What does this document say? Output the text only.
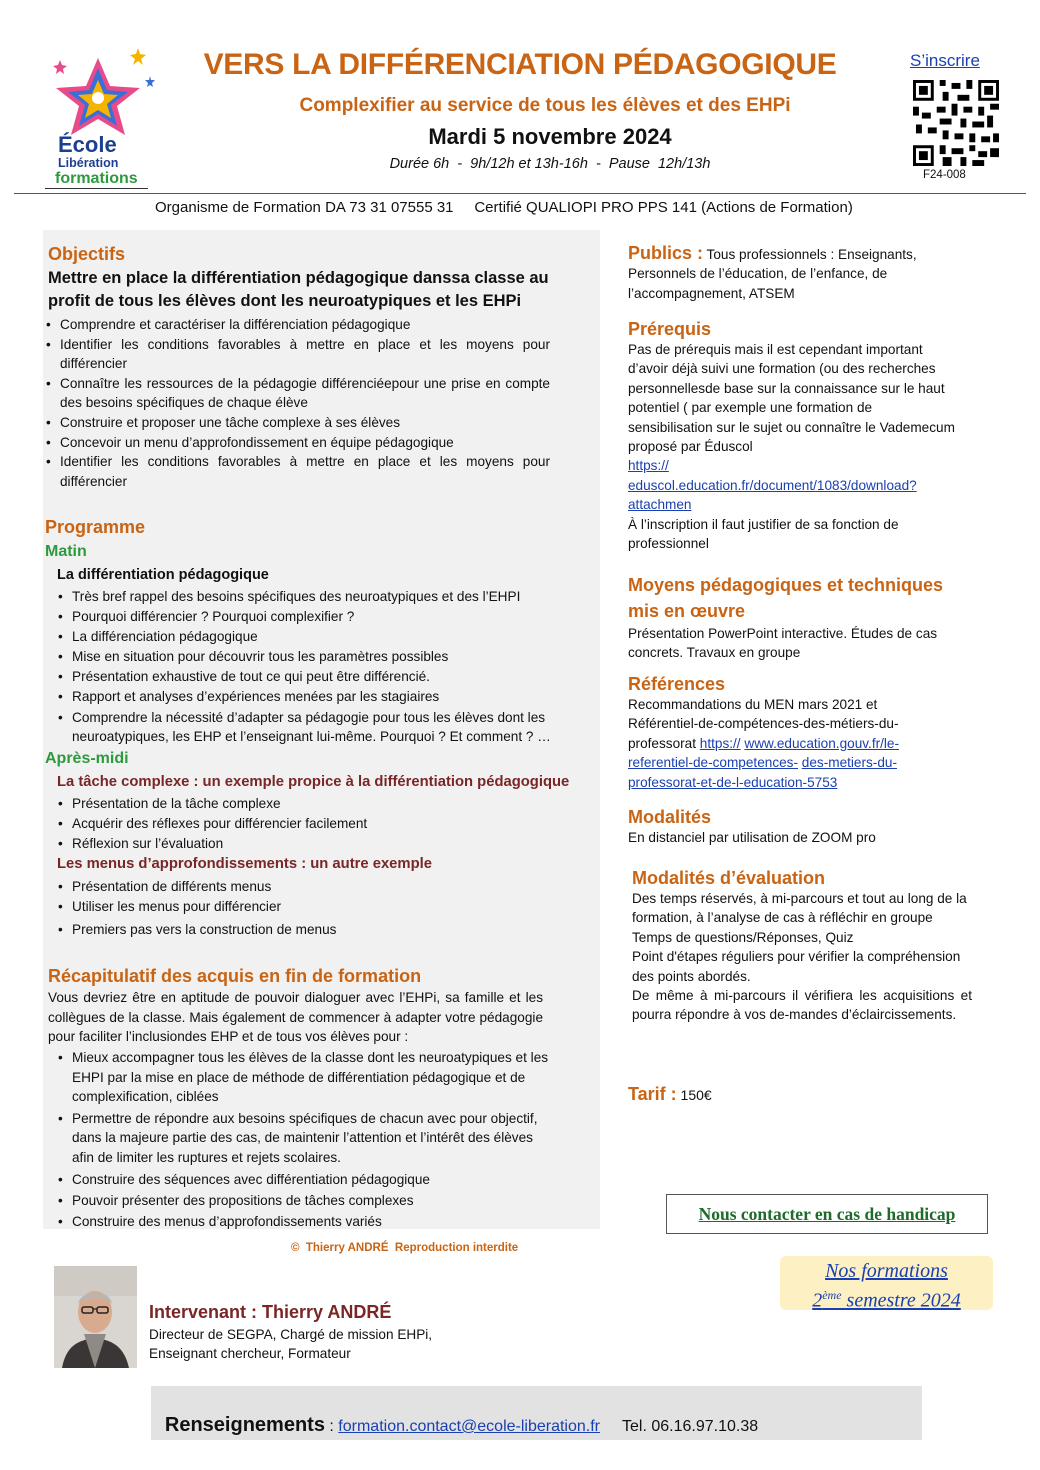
École
Libération
formations
VERS LA DIFFÉRENCIATION PÉDAGOGIQUE
Complexifier au service de tous les élèves et des EHPi
Mardi 5 novembre 2024
Durée 6h  -  9h/12h et 13h-16h  -  Pause  12h/13h
S’inscrire
F24-008
Organisme de Formation DA 73 31 07555 31     Certifié QUALIOPI PRO PPS 141 (Actions de Formation)
Objectifs
Mettre en place la différentiation pédagogique danssa classe au profit de tous les élèves dont les neuroatypiques et les EHPi
• Comprendre et caractériser la différenciation pédagogique
• Identifier les conditions favorables à mettre en place et les moyens pour différencier
• Connaître les ressources de la pédagogie différenciéepour une prise en compte des besoins spécifiques de chaque élève
• Construire et proposer une tâche complexe à ses élèves
• Concevoir un menu d’approfondissement en équipe pédagogique
• Identifier les conditions favorables à mettre en place et les moyens pour différencier
Programme
Matin
La différentiation pédagogique
• Très bref rappel des besoins spécifiques des neuroatypiques et des l’EHPI
• Pourquoi différencier ? Pourquoi complexifier ?
• La différenciation pédagogique
• Mise en situation pour découvrir tous les paramètres possibles
• Présentation exhaustive de tout ce qui peut être différencié.
• Rapport et analyses d’expériences menées par les stagiaires
• Comprendre la nécessité d’adapter sa pédagogie pour tous les élèves dont les neuroatypiques, les EHP et l’enseignant lui-même. Pourquoi ? Et comment ? …
Après-midi
La tâche complexe : un exemple propice à la différentiation pédagogique
• Présentation de la tâche complexe
• Acquérir des réflexes pour différencier facilement
• Réflexion sur l’évaluation
Les menus d’approfondissements : un autre exemple
• Présentation de différents menus
• Utiliser les menus pour différencier
• Premiers pas vers la construction de menus
Récapitulatif des acquis en fin de formation
Vous devriez être en aptitude de pouvoir dialoguer avec l’EHPi, sa famille et les collègues de la classe. Mais également de commencer à adapter votre pédagogie pour faciliter l’inclusiondes EHP et de tous vos élèves pour :
• Mieux accompagner tous les élèves de la classe dont les neuroatypiques et les EHPI par la mise en place de méthode de différentiation pédagogique et de complexification, ciblées
• Permettre de répondre aux besoins spécifiques de chacun avec pour objectif, dans la majeure partie des cas, de maintenir l’attention et l’intérêt des élèves afin de limiter les ruptures et rejets scolaires.
• Construire des séquences avec différentiation pédagogique
• Pouvoir présenter des propositions de tâches complexes
• Construire des menus d’approfondissements variés
©  Thierry ANDRÉ  Reproduction interdite
Publics : Tous professionnels : Enseignants, Personnels de l’éducation, de l’enfance, de l’accompagnement, ATSEM
Prérequis
Pas de prérequis mais il est cependant important d’avoir déjà suivi une formation (ou des recherches personnellesde base sur la connaissance sur le haut potentiel ( par exemple une formation de sensibilisation sur le sujet ou connaître le Vademecum proposé par Éduscol
https://
eduscol.education.fr/document/1083/download?
attachmen
À l’inscription il faut justifier de sa fonction de professionnel
Moyens pédagogiques et techniques mis en œuvre
Présentation PowerPoint interactive. Études de cas concrets. Travaux en groupe
Références
Recommandations du MEN mars 2021 et Référentiel-de-compétences-des-métiers-du-professorat https:// www.education.gouv.fr/le-referentiel-de-competences- des-metiers-du-professorat-et-de-l-education-5753
Modalités
En distanciel par utilisation de ZOOM pro
Modalités d’évaluation
Des temps réservés, à mi-parcours et tout au long de la formation, à l’analyse de cas à réfléchir en groupe
Temps de questions/Réponses, Quiz
Point d'étapes réguliers pour vérifier la compréhension des points abordés.
De même à mi-parcours il vérifiera les acquisitions et pourra répondre à vos de-mandes d’éclaircissements.
Tarif : 150€
Nous contacter en cas de handicap
Nos formations
2ème semestre 2024
Intervenant : Thierry ANDRÉ
Directeur de SEGPA, Chargé de mission EHPi,
Enseignant chercheur, Formateur

Renseignements : formation.contact@ecole-liberation.fr Tel. 06.16.97.10.38
